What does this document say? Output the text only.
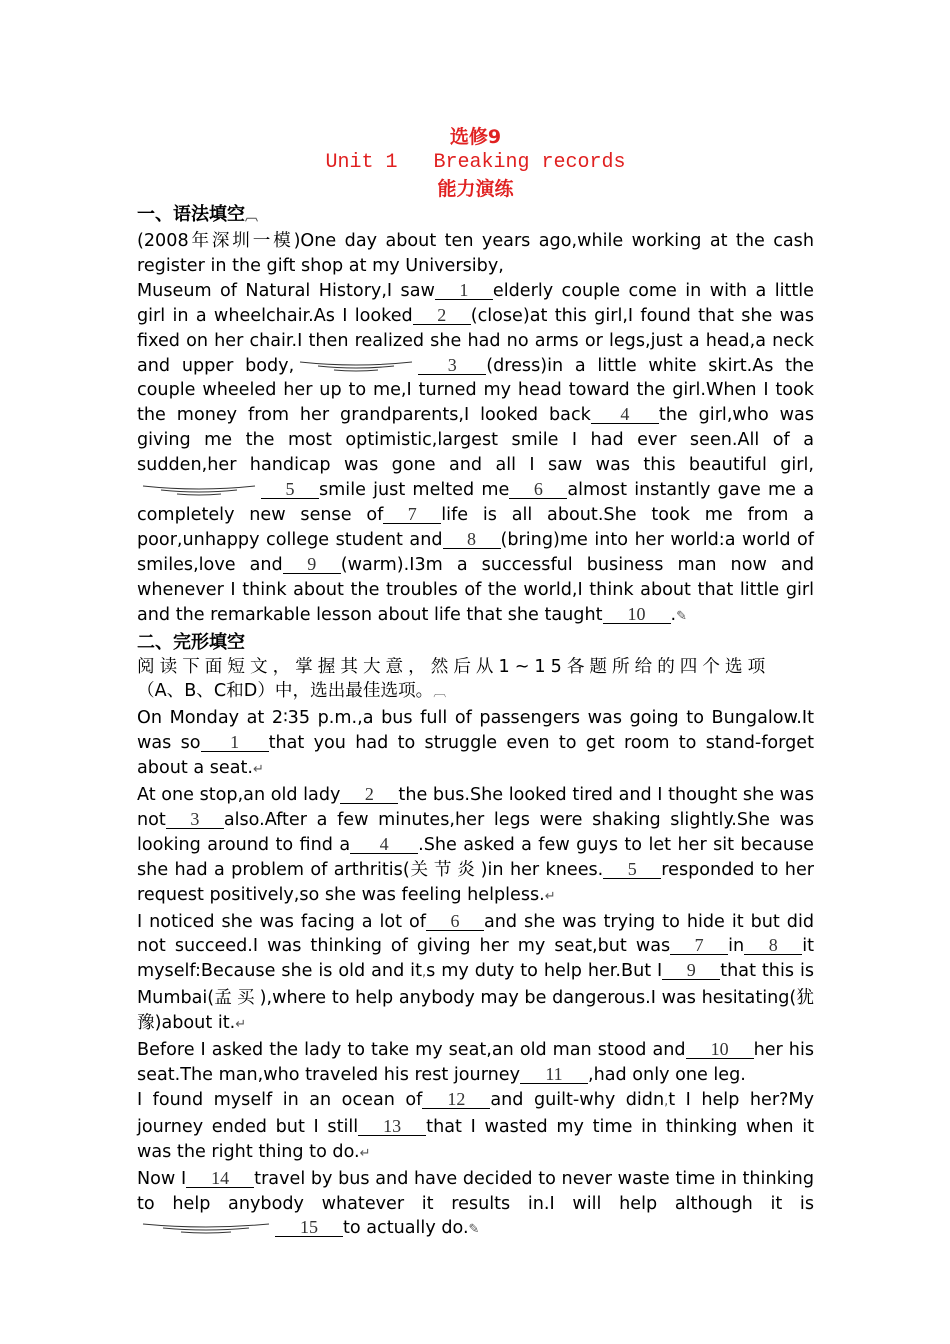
选修9
Unit 1   Breaking records
能力演练
一、语法填空︹

(2008年深圳一模)One day about ten years ago,while working at the cash register in the gift shop at my Universiby,
Museum of Natural History,I saw 1 elderly couple come in with a little girl in a wheelchair.As I looked 2 (close)at this girl,I found that she was fixed on her chair.I then realized she had no arms or legs,just a head,a neck and upper body,	3 (dress)in a little white skirt.As the couple wheeled her up to me,I turned my head toward the girl.When I took the money from her grandparents,I looked back 4 the girl,who was giving me the most optimistic,largest smile I had ever seen.All of a sudden,her handicap was gone and all I saw was this beautiful girl,5 smile just melted me 6 almost instantly gave me a completely new sense of 7 life is all about.She took me from a poor,unhappy college student and 8 (bring)me into her world:a world of smiles,love and 9 (warm).I3m a successful business man now and whenever I think about the troubles of the world,I think about that little girl and the remarkable lesson about life that she taught 10 .✎

二、完形填空

阅读下面短文，掌握其大意，然后从1~15各题所给的四个选项
（A、B、C和D）中，选出最佳选项。︹

On Monday at 2∶35 p.m.,a bus full of passengers was going to Bungalow.It was so 1 that you had to struggle even to get room to stand-forget about a seat.↵

At one stop,an old lady 2 the bus.She looked tired and I thought she was not 3 also.After a few minutes,her legs were shaking slightly.She was looking around to find a 4 .She asked a few guys to let her sit because she had a problem of arthritis(关节炎)in her knees. 5 responded to her request positively,so she was feeling helpless.↵

I noticed she was facing a lot of 6 and she was trying to hide it but did not succeed.I was thinking of giving her my seat,but was 7 in 8 it myself:Because she is old and it,s my duty to help her.But I 9 that this is Mumbai(孟买),where to help anybody may be dangerous.I was hesitating(犹豫)about it.↵

Before I asked the lady to take my seat,an old man stood and 10 her his seat.The man,who traveled his rest journey 11 ,had only one leg.

I found myself in an ocean of 12 and guilt-why didn,t I help her?My journey ended but I still 13 that I wasted my time in thinking when it was the right thing to do.↵

Now I 14 travel by bus and have decided to never waste time in thinking to help anybody whatever it results in.I will help although it is15 to actually do.✎
